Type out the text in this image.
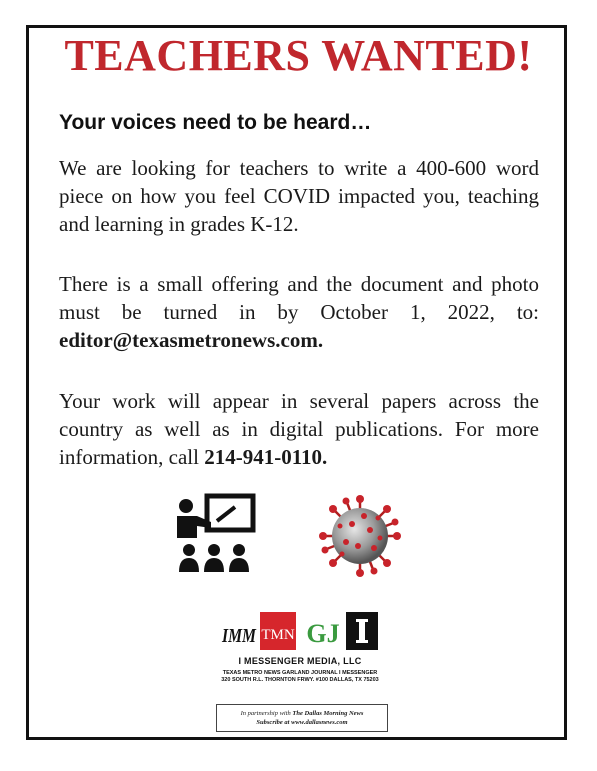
TEACHERS WANTED!
Your voices need to be heard…

We are looking for teachers to write a 400-600 word piece on how you feel COVID impacted you, teaching and learning in grades K-12.

There is a small offering and the document and photo must be turned in by October 1, 2022, to: editor@texasmetronews.com.

Your work will appear in several papers across the country as well as in digital publications. For more information, call 214-941-0110.

IMM TMN GJ
I MESSENGER MEDIA, LLC
TEXAS METRO NEWS GARLAND JOURNAL I MESSENGER
320 SOUTH R.L. THORNTON FRWY. #100 DALLAS, TX 75203
In partnership with The Dallas Morning News
Subscribe at www.dallasnews.com
